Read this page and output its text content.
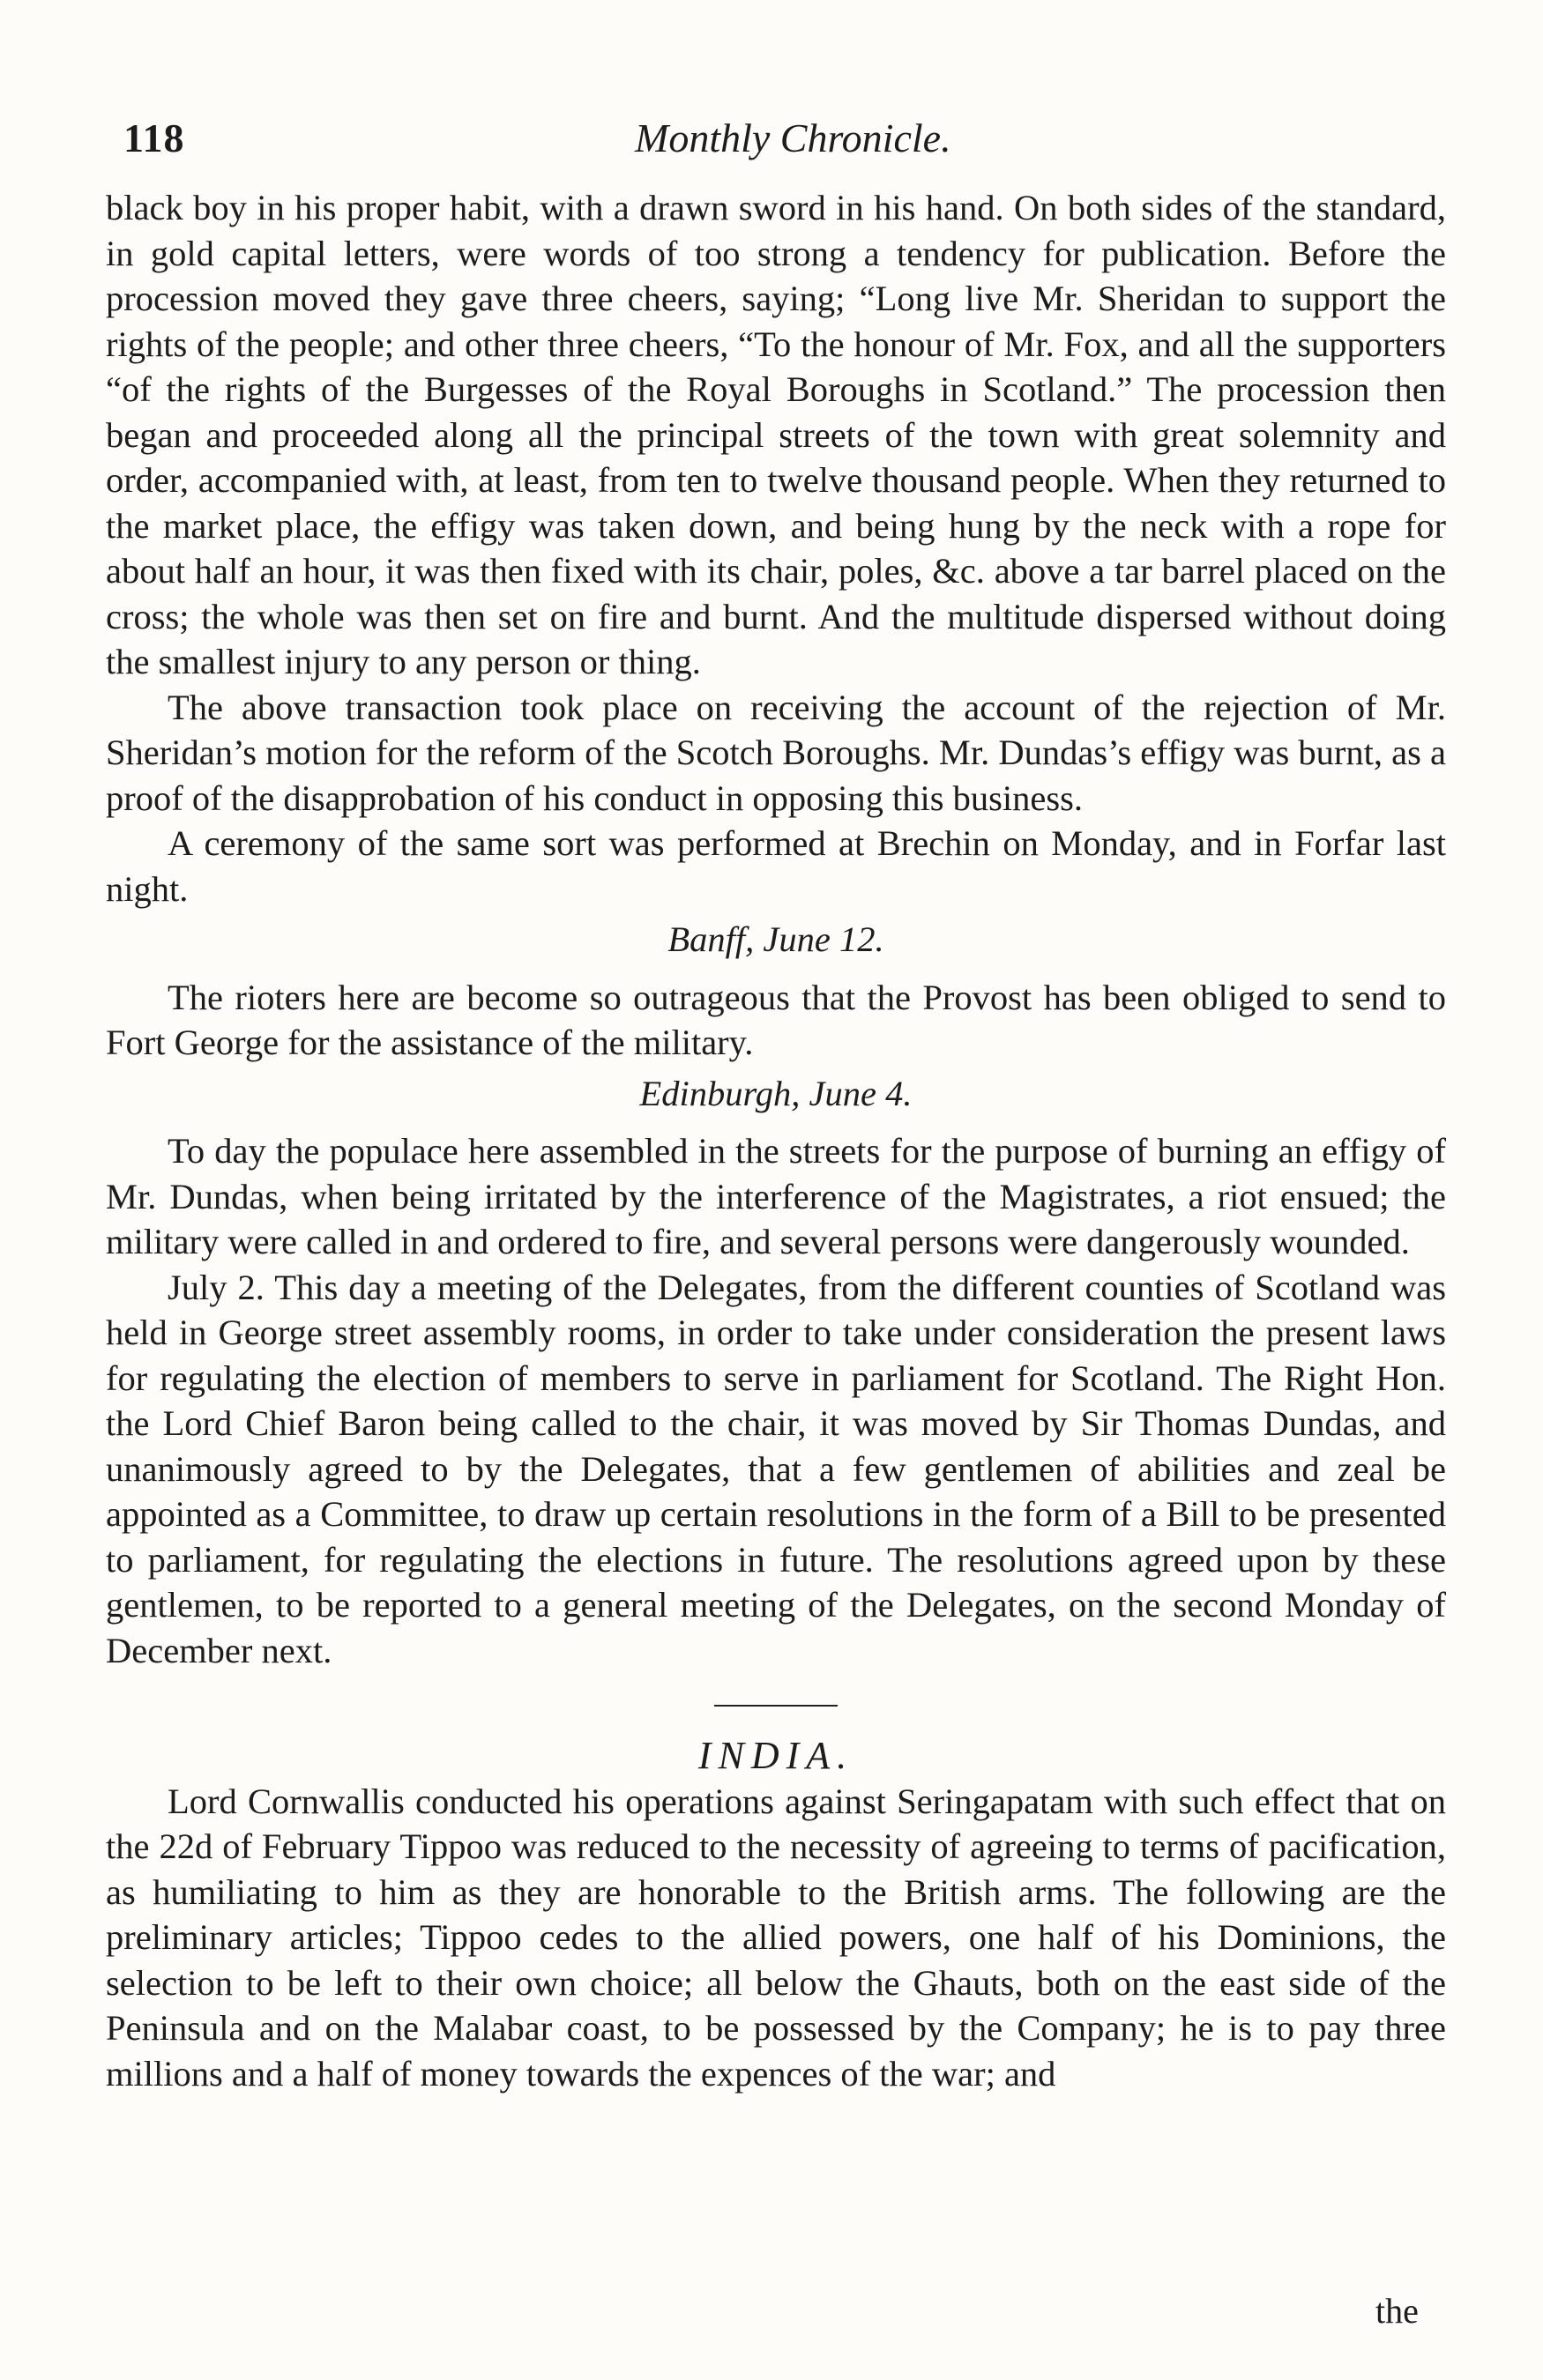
118	Monthly Chronicle.

black boy in his proper habit, with a drawn sword in his hand. On both sides of the standard, in gold capital letters, were words of too strong a tendency for publication. Before the procession moved they gave three cheers, saying; “Long live Mr. Sheridan to support the rights of the people; and other three cheers, “To the honour of Mr. Fox, and all the supporters “of the rights of the Burgesses of the Royal Boroughs in Scotland.” The procession then began and proceeded along all the principal streets of the town with great solemnity and order, accompanied with, at least, from ten to twelve thousand people. When they returned to the market place, the effigy was taken down, and being hung by the neck with a rope for about half an hour, it was then fixed with its chair, poles, &c. above a tar barrel placed on the cross; the whole was then set on fire and burnt. And the multitude dispersed without doing the smallest injury to any person or thing.

The above transaction took place on receiving the account of the rejection of Mr. Sheridan’s motion for the reform of the Scotch Boroughs. Mr. Dundas’s effigy was burnt, as a proof of the disapprobation of his conduct in opposing this business.

A ceremony of the same sort was performed at Brechin on Monday, and in Forfar last night.

Banff, June 12.

The rioters here are become so outrageous that the Provost has been obliged to send to Fort George for the assistance of the military.

Edinburgh, June 4.

To day the populace here assembled in the streets for the purpose of burning an effigy of Mr. Dundas, when being irritated by the interference of the Magistrates, a riot ensued; the military were called in and ordered to fire, and several persons were dangerously wounded.

July 2. This day a meeting of the Delegates, from the different counties of Scotland was held in George street assembly rooms, in order to take under consideration the present laws for regulating the election of members to serve in parliament for Scotland. The Right Hon. the Lord Chief Baron being called to the chair, it was moved by Sir Thomas Dundas, and unanimously agreed to by the Delegates, that a few gentlemen of abilities and zeal be appointed as a Committee, to draw up certain resolutions in the form of a Bill to be presented to parliament, for regulating the elections in future. The resolutions agreed upon by these gentlemen, to be reported to a general meeting of the Delegates, on the second Monday of December next.

INDIA.

Lord Cornwallis conducted his operations against Seringapatam with such effect that on the 22d of February Tippoo was reduced to the necessity of agreeing to terms of pacification, as humiliating to him as they are honorable to the British arms. The following are the preliminary articles; Tippoo cedes to the allied powers, one half of his Dominions, the selection to be left to their own choice; all below the Ghauts, both on the east side of the Peninsula and on the Malabar coast, to be possessed by the Company; he is to pay three millions and a half of money towards the expences of the war; and

the
